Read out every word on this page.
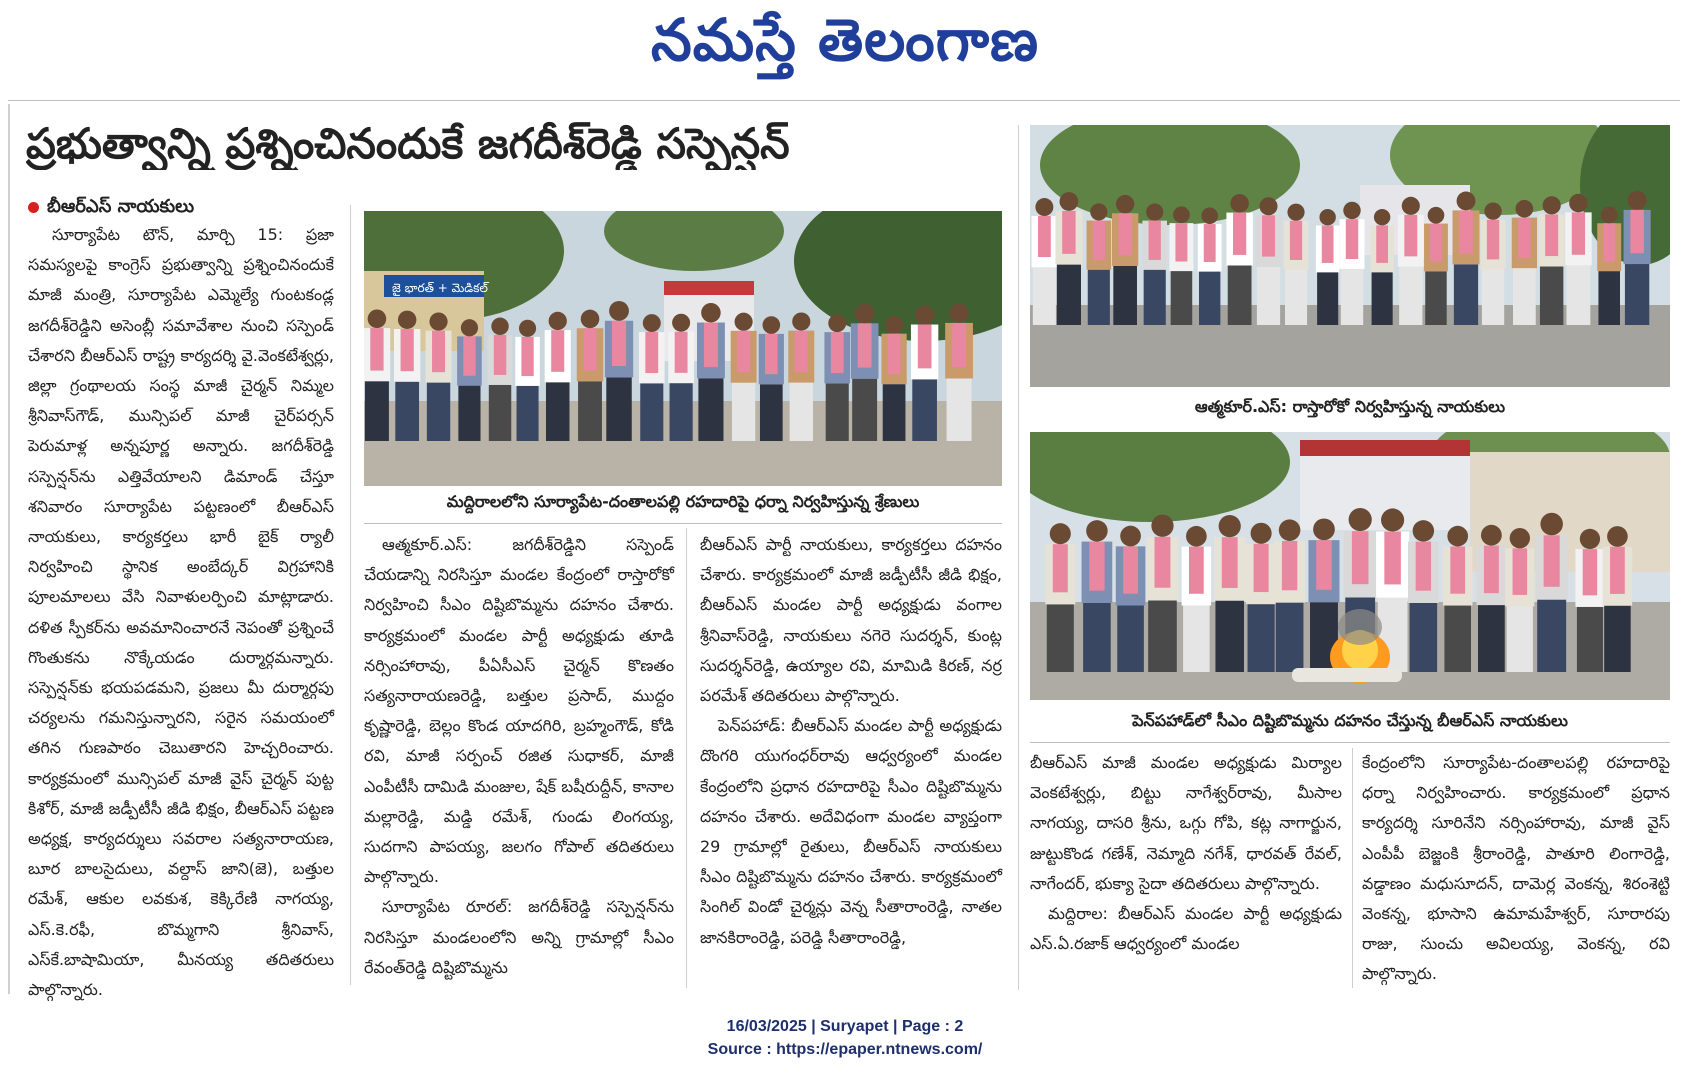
నమస్తే తెలంగాణ
ప్రభుత్వాన్ని ప్రశ్నించినందుకే జగదీశ్‌రెడ్డి సస్పెన్షన్
బీఆర్‌ఎస్‌ నాయకులు

సూర్యాపేట టౌన్‌, మార్చి 15: ప్రజా సమస్యలపై కాంగ్రెస్‌ ప్రభుత్వాన్ని ప్రశ్నించినందుకే మాజీ మంత్రి, సూర్యాపేట ఎమ్మెల్యే గుంటకండ్ల జగదీశ్‌రెడ్డిని అసెంబ్లీ సమావేశాల నుంచి సస్పెండ్‌ చేశారని బీఆర్‌ఎస్‌ రాష్ట్ర కార్యదర్శి వై.వెంకటేశ్వర్లు, జిల్లా గ్రంథాలయ సంస్థ మాజీ చైర్మన్‌ నిమ్మల శ్రీనివాస్‌గౌడ్‌, మున్సిపల్‌ మాజీ చైర్‌పర్సన్‌ పెరుమాళ్ల అన్నపూర్ణ అన్నారు. జగదీశ్‌రెడ్డి సస్పెన్షన్‌ను ఎత్తివేయాలని డిమాండ్‌ చేస్తూ శనివారం సూర్యాపేట పట్టణంలో బీఆర్‌ఎస్‌ నాయకులు, కార్యకర్తలు భారీ బైక్‌ ర్యాలీ నిర్వహించి స్థానిక అంబేద్కర్‌ విగ్రహానికి పూలమాలలు వేసి నివాళులర్పించి మాట్లాడారు. దళిత స్పీకర్‌ను అవమానించారనే నెపంతో ప్రశ్నించే గొంతుకను నొక్కేయడం దుర్మార్గమన్నారు. సస్పెన్షన్‌కు భయపడమని, ప్రజలు మీ దుర్మార్గపు చర్యలను గమనిస్తున్నారని, సరైన సమయంలో తగిన గుణపాఠం చెబుతారని హెచ్చరించారు. కార్యక్రమంలో మున్సిపల్‌ మాజీ వైస్‌ చైర్మన్‌ పుట్ట కిశోర్‌, మాజీ జడ్పీటీసీ జీడి భిక్షం, బీఆర్‌ఎస్‌ పట్టణ అధ్యక్ష, కార్యదర్శులు సవరాల సత్యనారాయణ, బూర బాలసైదులు, వల్దాస్‌ జాని(జె), బత్తుల రమేశ్‌, ఆకుల లవకుశ, కెక్కిరేణి నాగయ్య, ఎస్‌.కె.రఫీ, బొమ్మగాని శ్రీనివాస్‌, ఎస్‌కే.బాషామియా, మీనయ్య తదితరులు పాల్గొన్నారు.

జై భారత్ + మెడికల్
మద్దిరాలలోని సూర్యాపేట-దంతాలపల్లి రహదారిపై ధర్నా నిర్వహిస్తున్న శ్రేణులు

ఆత్మకూర్‌.ఎస్‌: జగదీశ్‌రెడ్డిని సస్పెండ్‌ చేయడాన్ని నిరసిస్తూ మండల కేంద్రంలో రాస్తారోకో నిర్వహించి సీఎం దిష్టిబొమ్మను దహనం చేశారు. కార్యక్రమంలో మండల పార్టీ అధ్యక్షుడు తూడి నర్సింహారావు, పీఏసీఎస్‌ చైర్మన్‌ కొణతం సత్యనారాయణరెడ్డి, బత్తుల ప్రసాద్‌, ముద్దం కృష్ణారెడ్డి, బెల్లం కొండ యాదగిరి, బ్రహ్మంగౌడ్‌, కోడి రవి, మాజీ సర్పంచ్‌ రజిత సుధాకర్‌, మాజీ ఎంపీటీసీ దామిడి మంజుల, షేక్‌ బషీరుద్దీన్‌, కానాల మల్లారెడ్డి, మడ్డి రమేశ్‌, గుండు లింగయ్య, సుదగాని పాపయ్య, జలగం గోపాల్‌ తదితరులు పాల్గొన్నారు.

సూర్యాపేట రూరల్‌: జగదీశ్‌రెడ్డి సస్పెన్షన్‌ను నిరసిస్తూ మండలంలోని అన్ని గ్రామాల్లో సీఎం రేవంత్‌రెడ్డి దిష్టిబొమ్మను

బీఆర్‌ఎస్‌ పార్టీ నాయకులు, కార్యకర్తలు దహనం చేశారు. కార్యక్రమంలో మాజీ జడ్పీటీసీ జీడి భిక్షం, బీఆర్‌ఎస్‌ మండల పార్టీ అధ్యక్షుడు వంగాల శ్రీనివాస్‌రెడ్డి, నాయకులు నగెరె సుదర్శన్‌, కుంట్ల సుదర్శన్‌రెడ్డి, ఉయ్యాల రవి, మామిడి కిరణ్‌, నర్ర పరమేశ్‌ తదితరులు పాల్గొన్నారు.

పెన్‌పహాడ్‌: బీఆర్‌ఎస్‌ మండల పార్టీ అధ్యక్షుడు దొంగరి యుగంధర్‌రావు ఆధ్వర్యంలో మండల కేంద్రంలోని ప్రధాన రహదారిపై సీఎం దిష్టిబొమ్మను దహనం చేశారు. అదేవిధంగా మండల వ్యాప్తంగా 29 గ్రామాల్లో రైతులు, బీఆర్‌ఎస్‌ నాయకులు సీఎం దిష్టిబొమ్మను దహనం చేశారు. కార్యక్రమంలో సింగిల్‌ విండో చైర్మన్లు వెన్న సీతారాంరెడ్డి, నాతల జానకిరాంరెడ్డి, పరెడ్డి సీతారాంరెడ్డి,

ఆత్మకూర్‌.ఎస్‌: రాస్తారోకో నిర్వహిస్తున్న నాయకులు
పెన్‌పహాడ్‌లో సీఎం దిష్టిబొమ్మను దహనం చేస్తున్న బీఆర్‌ఎస్‌ నాయకులు

బీఆర్‌ఎస్‌ మాజీ మండల అధ్యక్షుడు మిర్యాల వెంకటేశ్వర్లు, బిట్టు నాగేశ్వర్‌రావు, మీసాల నాగయ్య, దాసరి శ్రీను, ఒగ్గు గోపి, కట్ల నాగార్జున, జుట్టుకొండ గణేశ్‌, నెమ్మాది నగేశ్‌, ధారవత్‌ రేవల్‌, నాగేందర్‌, భుక్యా సైదా తదితరులు పాల్గొన్నారు.

మద్దిరాల: బీఆర్‌ఎస్‌ మండల పార్టీ అధ్యక్షుడు ఎస్‌.ఏ.రజాక్‌ ఆధ్వర్యంలో మండల

కేంద్రంలోని సూర్యాపేట-దంతాలపల్లి రహదారిపై ధర్నా నిర్వహించారు. కార్యక్రమంలో ప్రధాన కార్యదర్శి సూరినేని నర్సింహారావు, మాజీ వైస్‌ ఎంపీపీ బెజ్జంకి శ్రీరాంరెడ్డి, పాతూరి లింగారెడ్డి, వడ్డాణం మధుసూదన్‌, దామెర్ల వెంకన్న, శిరంశెట్టి వెంకన్న, భూసాని ఉమామహేశ్వర్‌, సూరారపు రాజు, సుంచు అవిలయ్య, వెంకన్న, రవి పాల్గొన్నారు.

16/03/2025 | Suryapet | Page : 2
Source : https://epaper.ntnews.com/
